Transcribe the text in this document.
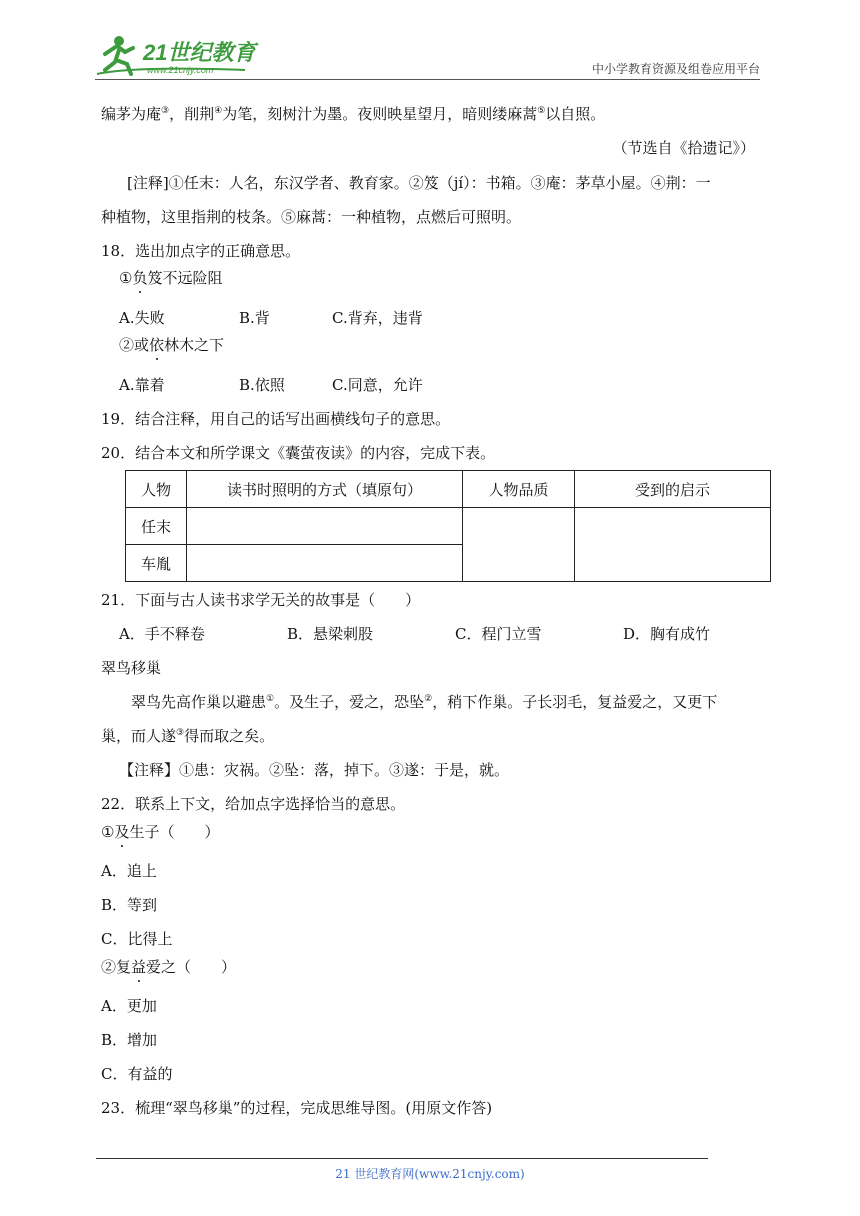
21世纪教育
www.21cnjy.com	中小学教育资源及组卷应用平台
编茅为庵③，削荆④为笔，刻树汁为墨。夜则映星望月，暗则缕麻蒿⑤以自照。
（节选自《拾遗记》）
[注释]①任末：人名，东汉学者、教育家。②笈（jí）：书箱。③庵：茅草小屋。④荆：一
种植物，这里指荆的枝条。⑤麻蒿：一种植物，点燃后可照明。
18．选出加点字的正确意思。
①负笈不远险阻
A.失败	B.背	C.背弃，违背
②或依林木之下
A.靠着	B.依照	C.同意，允许
19．结合注释，用自己的话写出画横线句子的意思。
20．结合本文和所学课文《囊萤夜读》的内容，完成下表。
人物	读书时照明的方式（填原句）	人物品质	受到的启示
任末			
车胤			
21．下面与古人读书求学无关的故事是（　　）
A．手不释卷	B．悬梁刺股	C．程门立雪	D．胸有成竹
翠鸟移巢
翠鸟先高作巢以避患①。及生子，爱之，恐坠②，稍下作巢。子长羽毛，复益爱之，又更下
巢，而人遂③得而取之矣。
【注释】①患：灾祸。②坠：落，掉下。③遂：于是，就。
22．联系上下文，给加点字选择恰当的意思。
①及生子（　　）
A．追上
B．等到
C．比得上
②复益爱之（　　）
A．更加
B．增加
C．有益的
23．梳理“翠鸟移巢”的过程，完成思维导图。(用原文作答)
21 世纪教育网(www.21cnjy.com)
